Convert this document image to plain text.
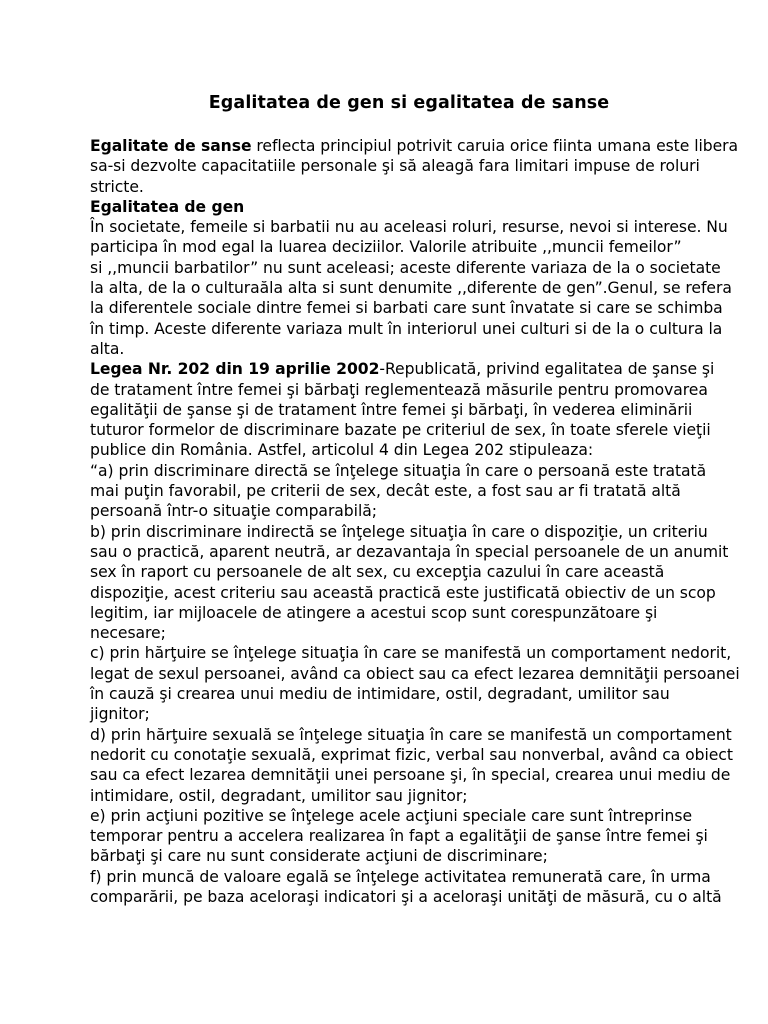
Egalitatea de gen si egalitatea de sanse
Egalitate de sanse reflecta principiul potrivit caruia orice fiinta umana este libera
sa-si dezvolte capacitatiile personale şi să aleagă fara limitari impuse de roluri
stricte.
Egalitatea de gen
În societate, femeile si barbatii nu au aceleasi roluri, resurse, nevoi si interese. Nu
participa în mod egal la luarea deciziilor. Valorile atribuite ,,muncii femeilor”
si ,,muncii barbatilor” nu sunt aceleasi; aceste diferente variaza de la o societate
la alta, de la o culturaăla alta si sunt denumite ,,diferente de gen”.Genul, se refera
la diferentele sociale dintre femei si barbati care sunt învatate si care se schimba
în timp. Aceste diferente variaza mult în interiorul unei culturi si de la o cultura la
alta.
Legea Nr. 202 din 19 aprilie 2002-Republicată, privind egalitatea de şanse şi
de tratament între femei şi bărbaţi reglementează măsurile pentru promovarea
egalităţii de şanse şi de tratament între femei şi bărbaţi, în vederea eliminării
tuturor formelor de discriminare bazate pe criteriul de sex, în toate sferele vieţii
publice din România. Astfel, articolul 4 din Legea 202 stipuleaza:
“a) prin discriminare directă se înţelege situaţia în care o persoană este tratată
mai puţin favorabil, pe criterii de sex, decât este, a fost sau ar fi tratată altă
persoană într-o situaţie comparabilă;
b) prin discriminare indirectă se înţelege situaţia în care o dispoziţie, un criteriu
sau o practică, aparent neutră, ar dezavantaja în special persoanele de un anumit
sex în raport cu persoanele de alt sex, cu excepţia cazului în care această
dispoziţie, acest criteriu sau această practică este justificată obiectiv de un scop
legitim, iar mijloacele de atingere a acestui scop sunt corespunzătoare şi
necesare;
c) prin hărţuire se înţelege situaţia în care se manifestă un comportament nedorit,
legat de sexul persoanei, având ca obiect sau ca efect lezarea demnităţii persoanei
în cauză şi crearea unui mediu de intimidare, ostil, degradant, umilitor sau
jignitor;
d) prin hărţuire sexuală se înţelege situaţia în care se manifestă un comportament
nedorit cu conotaţie sexuală, exprimat fizic, verbal sau nonverbal, având ca obiect
sau ca efect lezarea demnităţii unei persoane şi, în special, crearea unui mediu de
intimidare, ostil, degradant, umilitor sau jignitor;
e) prin acţiuni pozitive se înţelege acele acţiuni speciale care sunt întreprinse
temporar pentru a accelera realizarea în fapt a egalităţii de şanse între femei şi
bărbaţi şi care nu sunt considerate acţiuni de discriminare;
f) prin muncă de valoare egală se înţelege activitatea remunerată care, în urma
comparării, pe baza aceloraşi indicatori şi a aceloraşi unităţi de măsură, cu o altă
